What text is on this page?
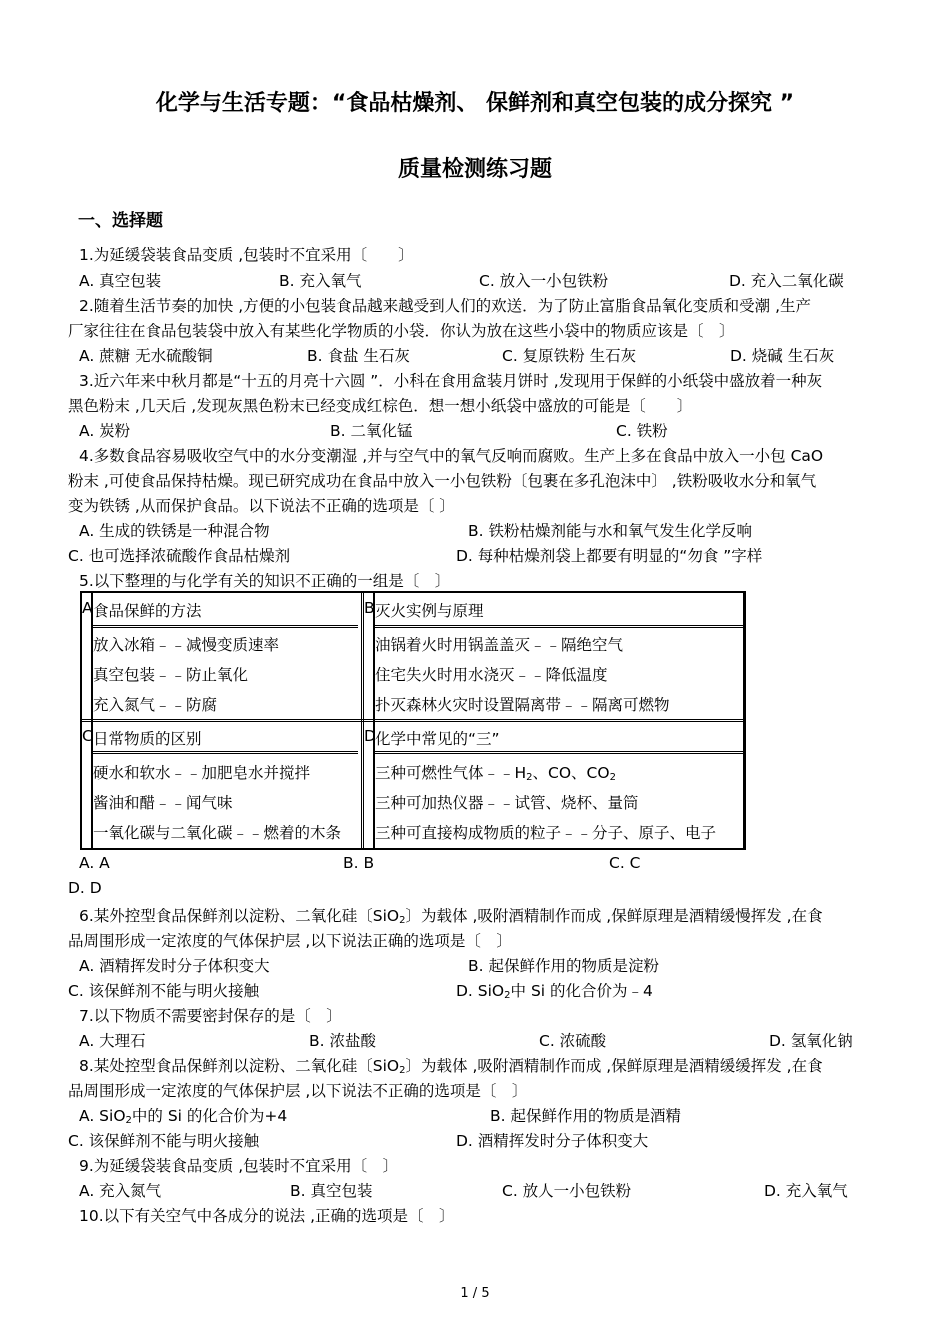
化学与生活专题：“食品枯燥剂、 保鲜剂和真空包装的成分探究 ”
质量检测练习题
一、选择题
1.为延缓袋装食品变质 ,包装时不宜采用〔　　〕
A. 真空包装	B. 充入氧气	C. 放入一小包铁粉	D. 充入二氧化碳
2.随着生活节奏的加快 ,方便的小包装食品越来越受到人们的欢送．为了防止富脂食品氧化变质和受潮 ,生产
厂家往往在食品包装袋中放入有某些化学物质的小袋．你认为放在这些小袋中的物质应该是〔　〕
A. 蔗糖 无水硫酸铜	B. 食盐 生石灰	C. 复原铁粉 生石灰	D. 烧碱 生石灰
3.近六年来中秋月都是“十五的月亮十六圆 ”．小科在食用盒装月饼时 ,发现用于保鲜的小纸袋中盛放着一种灰
黑色粉末 ,几天后 ,发现灰黑色粉末已经变成红棕色．想一想小纸袋中盛放的可能是〔　　〕
A. 炭粉	B. 二氧化锰	C. 铁粉
4.多数食品容易吸收空气中的水分变潮湿 ,并与空气中的氧气反响而腐败。生产上多在食品中放入一小包 CaO
粉末 ,可使食品保持枯燥。现已研究成功在食品中放入一小包铁粉〔包裹在多孔泡沫中〕 ,铁粉吸收水分和氧气
变为铁锈 ,从而保护食品。以下说法不正确的选项是〔 〕
A. 生成的铁锈是一种混合物	B. 铁粉枯燥剂能与水和氧气发生化学反响
C. 也可选择浓硫酸作食品枯燥剂	D. 每种枯燥剂袋上都要有明显的“勿食 ”字样
5.以下整理的与化学有关的知识不正确的一组是〔　〕
A 食品保鲜的方法
放入冰箱﹣﹣减慢变质速率
真空包装﹣﹣防止氧化
充入氮气﹣﹣防腐
B 灭火实例与原理
油锅着火时用锅盖盖灭﹣﹣隔绝空气
住宅失火时用水浇灭﹣﹣降低温度
扑灭森林火灾时设置隔离带﹣﹣隔离可燃物
C 日常物质的区别
硬水和软水﹣﹣加肥皂水并搅拌
酱油和醋﹣﹣闻气味
一氧化碳与二氧化碳﹣﹣燃着的木条
D 化学中常见的“三”
三种可燃性气体$﹣﹣H_2$、CO、$CO_2$
三种可加热仪器﹣﹣试管、烧杯、量筒
三种可直接构成物质的粒子﹣﹣分子、原子、电子
A. A	B. B	C. C
D. D
6.某外控型食品保鲜剂以淀粉、二氧化硅〔SiO$_2$〕为载体 ,吸附酒精制作而成 ,保鲜原理是酒精缓慢挥发 ,在食
品周围形成一定浓度的气体保护层 ,以下说法正确的选项是〔　〕
A. 酒精挥发时分子体积变大	B. 起保鲜作用的物质是淀粉
C. 该保鲜剂不能与明火接触	D. SiO$_2$中 Si 的化合价为﹣4
7.以下物质不需要密封保存的是〔　〕
A. 大理石	B. 浓盐酸	C. 浓硫酸	D. 氢氧化钠
8.某处控型食品保鲜剂以淀粉、二氧化硅〔SiO$_2$〕为载体 ,吸附酒精制作而成 ,保鲜原理是酒精缓缓挥发 ,在食
品周围形成一定浓度的气体保护层 ,以下说法不正确的选项是〔　〕
A. SiO$_2$中的 Si 的化合价为+4	B. 起保鲜作用的物质是酒精
C. 该保鲜剂不能与明火接触	D. 酒精挥发时分子体积变大
9.为延缓袋装食品变质 ,包装时不宜采用〔　〕
A. 充入氮气	B. 真空包装	C. 放人一小包铁粉	D. 充入氧气
10.以下有关空气中各成分的说法 ,正确的选项是〔　〕
1 / 5
